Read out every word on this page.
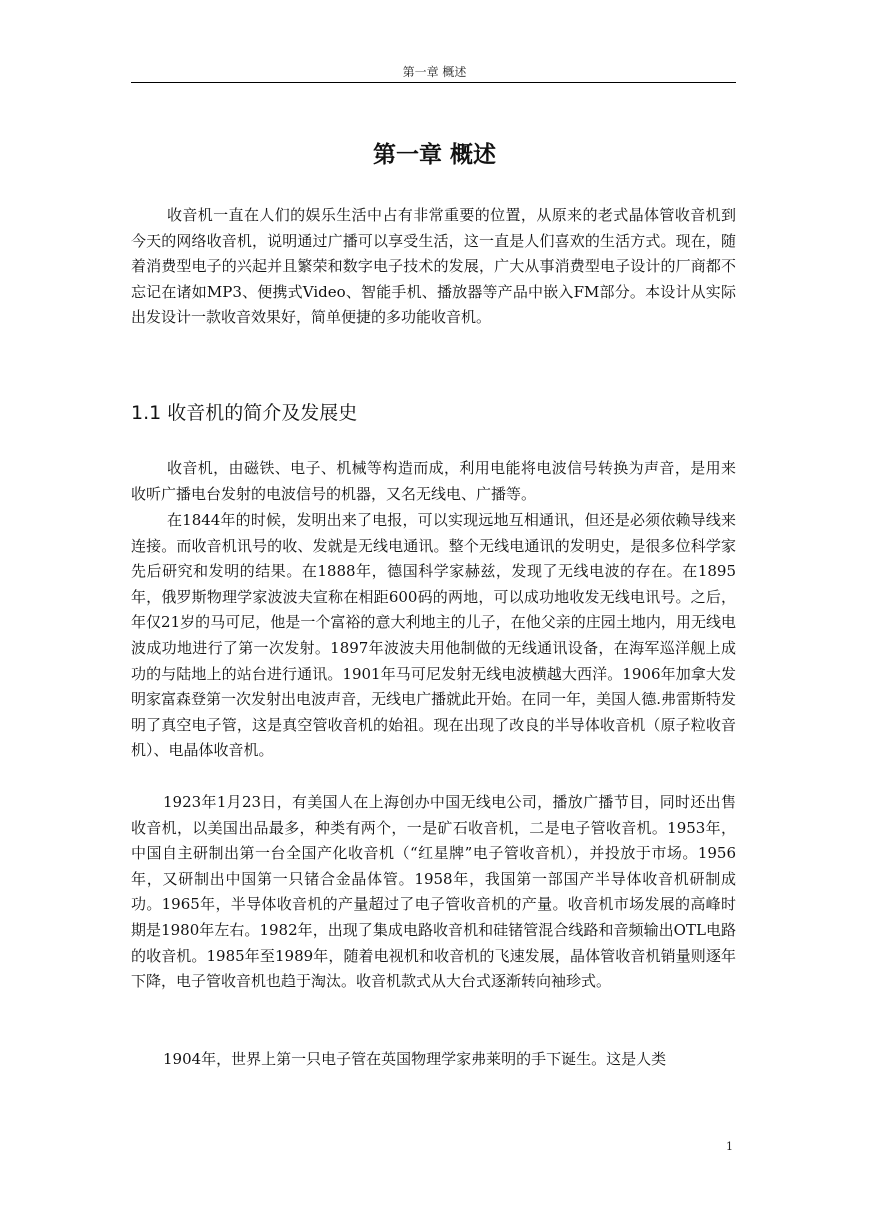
第一章 概述
第一章 概述

收音机一直在人们的娱乐生活中占有非常重要的位置，从原来的老式晶体管收音机到今天的网络收音机，说明通过广播可以享受生活，这一直是人们喜欢的生活方式。现在，随着消费型电子的兴起并且繁荣和数字电子技术的发展，广大从事消费型电子设计的厂商都不忘记在诸如MP3、便携式Video、智能手机、播放器等产品中嵌入FM部分。本设计从实际出发设计一款收音效果好，简单便捷的多功能收音机。

1.1 收音机的简介及发展史

收音机，由磁铁、电子、机械等构造而成，利用电能将电波信号转换为声音，是用来收听广播电台发射的电波信号的机器，又名无线电、广播等。

在1844年的时候，发明出来了电报，可以实现远地互相通讯，但还是必须依赖导线来连接。而收音机讯号的收、发就是无线电通讯。整个无线电通讯的发明史，是很多位科学家先后研究和发明的结果。在1888年，德国科学家赫兹，发现了无线电波的存在。在1895年，俄罗斯物理学家波波夫宣称在相距600码的两地，可以成功地收发无线电讯号。之后，年仅21岁的马可尼，他是一个富裕的意大利地主的儿子，在他父亲的庄园土地内，用无线电波成功地进行了第一次发射。1897年波波夫用他制做的无线通讯设备，在海军巡洋舰上成功的与陆地上的站台进行通讯。1901年马可尼发射无线电波横越大西洋。1906年加拿大发明家富森登第一次发射出电波声音，无线电广播就此开始。在同一年，美国人德.弗雷斯特发明了真空电子管，这是真空管收音机的始祖。现在出现了改良的半导体收音机（原子粒收音机）、电晶体收音机。

1923年1月23日，有美国人在上海创办中国无线电公司，播放广播节目，同时还出售收音机，以美国出品最多，种类有两个，一是矿石收音机，二是电子管收音机。1953年，中国自主研制出第一台全国产化收音机（“红星牌”电子管收音机），并投放于市场。1956年，又研制出中国第一只锗合金晶体管。1958年，我国第一部国产半导体收音机研制成功。1965年，半导体收音机的产量超过了电子管收音机的产量。收音机市场发展的高峰时期是1980年左右。1982年，出现了集成电路收音机和硅锗管混合线路和音频输出OTL电路的收音机。1985年至1989年，随着电视机和收音机的飞速发展，晶体管收音机销量则逐年下降，电子管收音机也趋于淘汰。收音机款式从大台式逐渐转向袖珍式。

1904年，世界上第一只电子管在英国物理学家弗莱明的手下诞生。这是人类

1
